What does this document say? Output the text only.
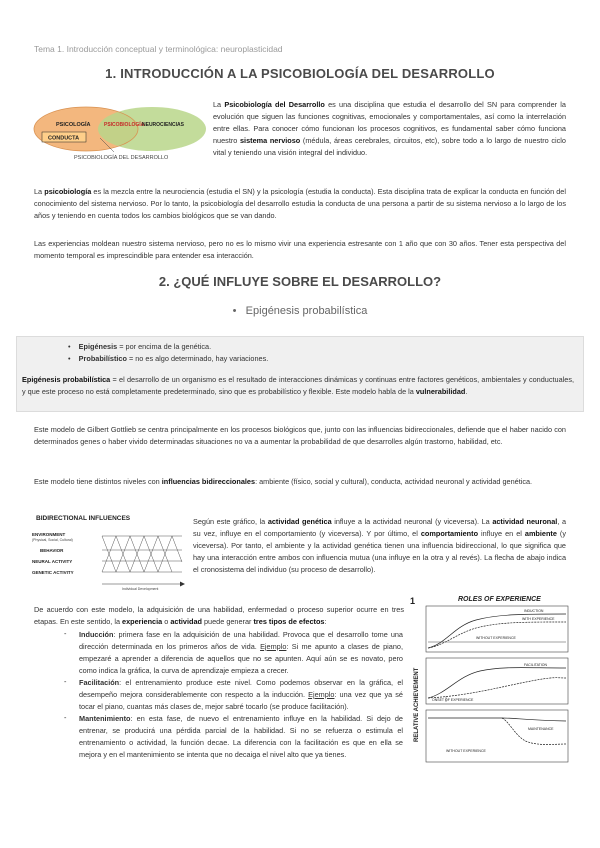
Tema 1. Introducción conceptual y terminológica: neuroplasticidad
1. INTRODUCCIÓN A LA PSICOBIOLOGÍA DEL DESARROLLO
PSICOLOGÍA	PSICOBIOLOGÍA
NEUROCIENCIAS
CONDUCTA
PSICOBIOLOGÍA DEL DESARROLLO
La Psicobiología del Desarrollo es una disciplina que estudia el desarrollo del SN para comprender la evolución que siguen las funciones cognitivas, emocionales y comportamentales, así como la interrelación entre ellas. Para conocer cómo funcionan los procesos cognitivos, es fundamental saber cómo funciona nuestro sistema nervioso (médula, áreas cerebrales, circuitos, etc), sobre todo a lo largo de nuestro ciclo vital y teniendo una visión integral del individuo.
La psicobiología es la mezcla entre la neurociencia (estudia el SN) y la psicología (estudia la conducta). Esta disciplina trata de explicar la conducta en función del conocimiento del sistema nervioso. Por lo tanto, la psicobiología del desarrollo estudia la conducta de una persona a partir de su sistema nervioso a lo largo de los años y teniendo en cuenta todos los cambios biológicos que se van dando.
Las experiencias moldean nuestro sistema nervioso, pero no es lo mismo vivir una experiencia estresante con 1 año que con 30 años. Tener esta perspectiva del momento temporal es imprescindible para entender esa interacción.
2. ¿QUÉ INFLUYE SOBRE EL DESARROLLO?
•   Epigénesis probabilística
•    Epigénesis = por encima de la genética.
•    Probabilístico = no es algo determinado, hay variaciones.
Epigénesis probabilística = el desarrollo de un organismo es el resultado de interacciones dinámicas y continuas entre factores genéticos, ambientales y conductuales, y que este proceso no está completamente predeterminado, sino que es probabilístico y flexible. Este modelo habla de la vulnerabilidad.
Este modelo de Gilbert Gottlieb se centra principalmente en los procesos biológicos que, junto con las influencias bidireccionales, defiende que el haber nacido con determinados genes o haber vivido determinadas situaciones no va a aumentar la probabilidad de que desarrolles algún trastorno, habilidad, etc.
Este modelo tiene distintos niveles con influencias bidireccionales: ambiente (físico, social y cultural), conducta, actividad neuronal y actividad genética.
BIDIRECTIONAL INFLUENCES
ENVIRONMENT
(Physical, Social, Cultural)
BEHAVIOR
NEURAL ACTIVITY
GENETIC ACTIVITY
Individual Development
Según este gráfico, la actividad genética influye a la actividad neuronal (y viceversa). La actividad neuronal, a su vez, influye en el comportamiento (y viceversa). Y por último, el comportamiento influye en el ambiente (y viceversa). Por tanto, el ambiente y la actividad genética tienen una influencia bidireccional, lo que significa que hay una interacción entre ambos con influencia mutua (una influye en la otra y al revés). La flecha de abajo indica el cronosistema del individuo (su proceso de desarrollo).
De acuerdo con este modelo, la adquisición de una habilidad, enfermedad o proceso superior ocurre en tres etapas. En este sentido, la experiencia o actividad puede generar tres tipos de efectos:
- Inducción: primera fase en la adquisición de una habilidad. Provoca que el desarrollo tome una dirección determinada en los primeros años de vida. Ejemplo: Si me apunto a clases de piano, empezaré a aprender a diferencia de aquellos que no se apunten. Aquí aún se es novato, pero como indica la gráfica, la curva de aprendizaje empieza a crecer.
- Facilitación: el entrenamiento produce este nivel. Como podemos observar en la gráfica, el desempeño mejora considerablemente con respecto a la inducción. Ejemplo: una vez que ya sé tocar el piano, cuantas más clases de, mejor sabré tocarlo (se produce facilitación).
- Mantenimiento: en esta fase, de nuevo el entrenamiento influye en la habilidad. Si dejo de entrenar, se producirá una pérdida parcial de la habilidad. Si no se refuerza o estimula el entrenamiento o actividad, la función decae. La diferencia con la facilitación es que en ella se mejora y en el mantenimiento se intenta que no decaiga el nivel alto que ya tienes.
1	ROLES OF EXPERIENCE
RELATIVE ACHIEVEMENT
INDUCTION
WITH EXPERIENCE
WITHOUT EXPERIENCE
FACILITATION
ONSET OF EXPERIENCE
MAINTENANCE
WITHOUT EXPERIENCE
